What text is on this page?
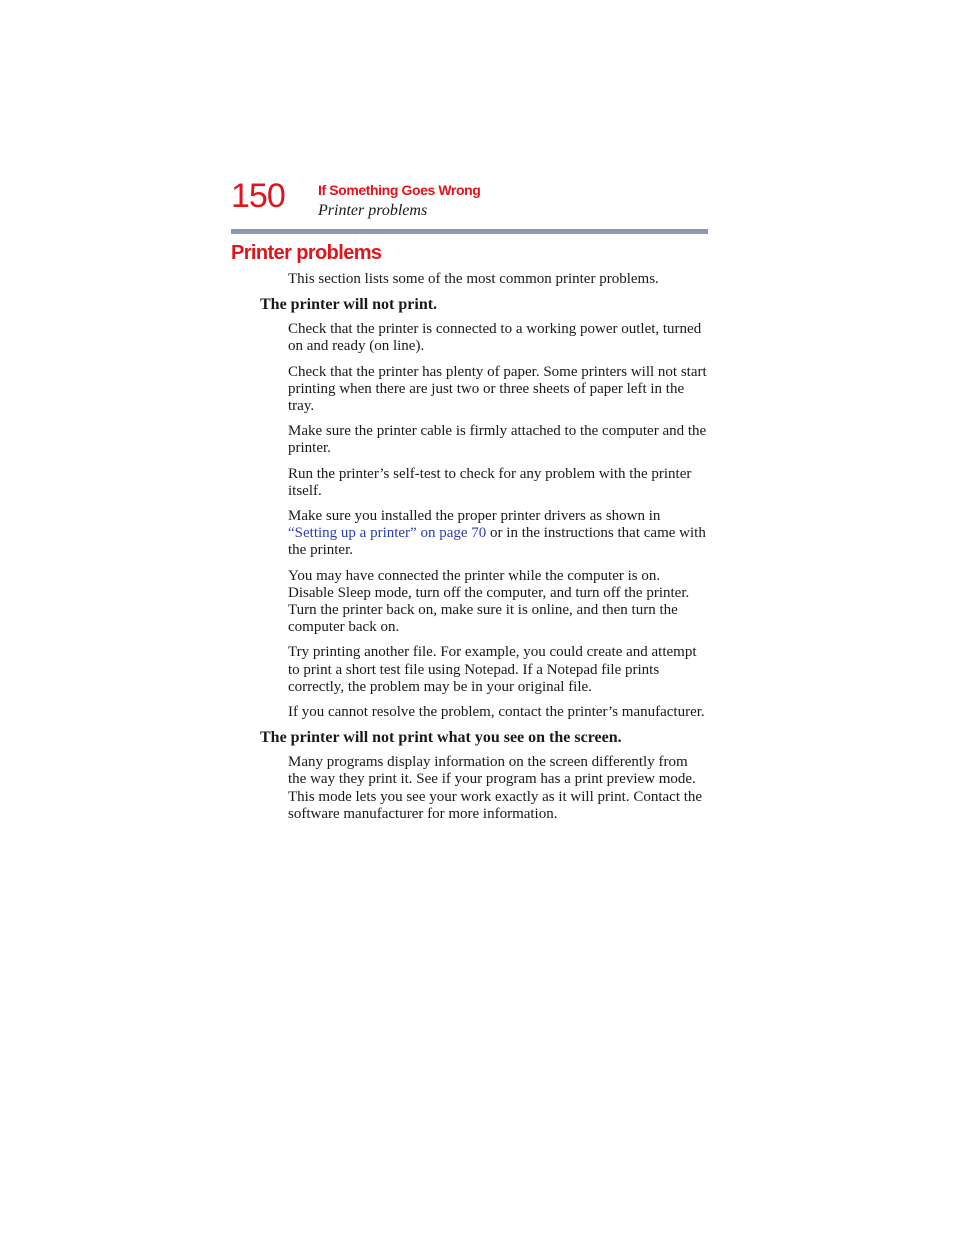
150 If Something Goes Wrong
Printer problems
Printer problems

This section lists some of the most common printer problems.

The printer will not print.

Check that the printer is connected to a working power outlet, turned on and ready (on line).

Check that the printer has plenty of paper. Some printers will not start printing when there are just two or three sheets of paper left in the tray.

Make sure the printer cable is firmly attached to the computer and the printer.

Run the printer’s self-test to check for any problem with the printer itself.

Make sure you installed the proper printer drivers as shown in “Setting up a printer” on page 70 or in the instructions that came with the printer.

You may have connected the printer while the computer is on. Disable Sleep mode, turn off the computer, and turn off the printer. Turn the printer back on, make sure it is online, and then turn the computer back on.

Try printing another file. For example, you could create and attempt to print a short test file using Notepad. If a Notepad file prints correctly, the problem may be in your original file.

If you cannot resolve the problem, contact the printer’s manufacturer.

The printer will not print what you see on the screen.

Many programs display information on the screen differently from the way they print it. See if your program has a print preview mode. This mode lets you see your work exactly as it will print. Contact the software manufacturer for more information.
